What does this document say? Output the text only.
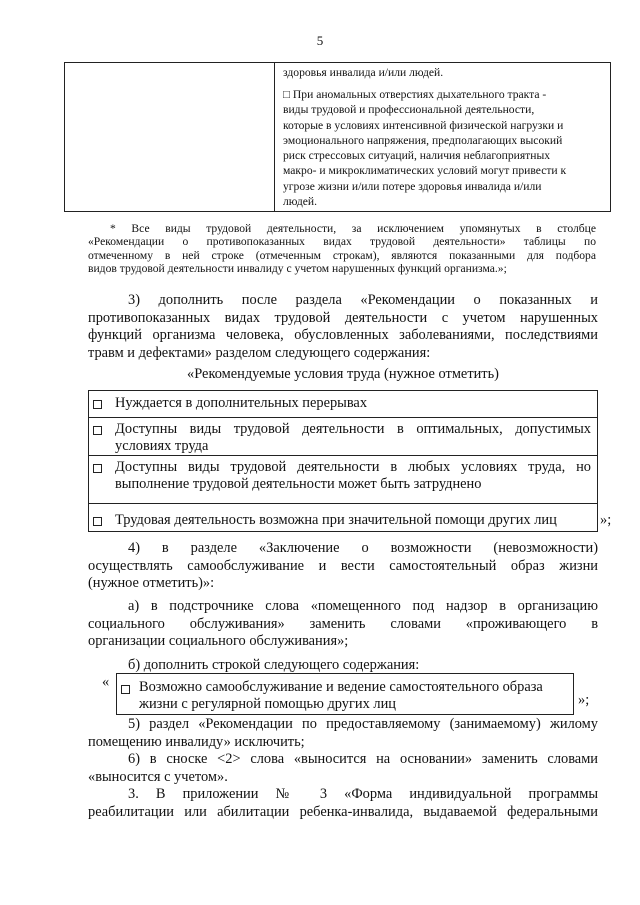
5
здоровья инвалида и/или людей.
□ При аномальных отверстиях дыхательного тракта -
виды трудовой и профессиональной деятельности,
которые в условиях интенсивной физической нагрузки и
эмоционального напряжения, предполагающих высокий
риск стрессовых ситуаций, наличия неблагоприятных
макро- и микроклиматических условий могут привести к
угрозе жизни и/или потере здоровья инвалида и/или
людей.
* Все виды трудовой деятельности, за исключением упомянутых в столбце
«Рекомендации о противопоказанных видах трудовой деятельности» таблицы по
отмеченному в ней строке (отмеченным строкам), являются показанными для подбора
видов трудовой деятельности инвалиду с учетом нарушенных функций организма.»;
3) дополнить после раздела «Рекомендации о показанных и
противопоказанных видах трудовой деятельности с учетом нарушенных
функций организма человека, обусловленных заболеваниями, последствиями
травм и дефектами» разделом следующего содержания:
«Рекомендуемые условия труда (нужное отметить)
Нуждается в дополнительных перерывах
Доступны виды трудовой деятельности в оптимальных, допустимых
условиях труда
Доступны виды трудовой деятельности в любых условиях труда, но
выполнение трудовой деятельности может быть затруднено
Трудовая деятельность возможна при значительной помощи других лиц	»;
4) в разделе «Заключение о возможности (невозможности)
осуществлять самообслуживание и вести самостоятельный образ жизни
(нужное отметить)»:
а) в подстрочнике слова «помещенного под надзор в организацию
социального обслуживания» заменить словами «проживающего в
организации социального обслуживания»;
б) дополнить строкой следующего содержания:
« Возможно самообслуживание и ведение самостоятельного образа
жизни с регулярной помощью других лиц	»;
5) раздел «Рекомендации по предоставляемому (занимаемому) жилому
помещению инвалиду» исключить;
6) в сноске <2> слова «выносится на основании» заменить словами
«выносится с учетом».
3. В приложении № 3 «Форма индивидуальной программы
реабилитации или абилитации ребенка-инвалида, выдаваемой федеральными
